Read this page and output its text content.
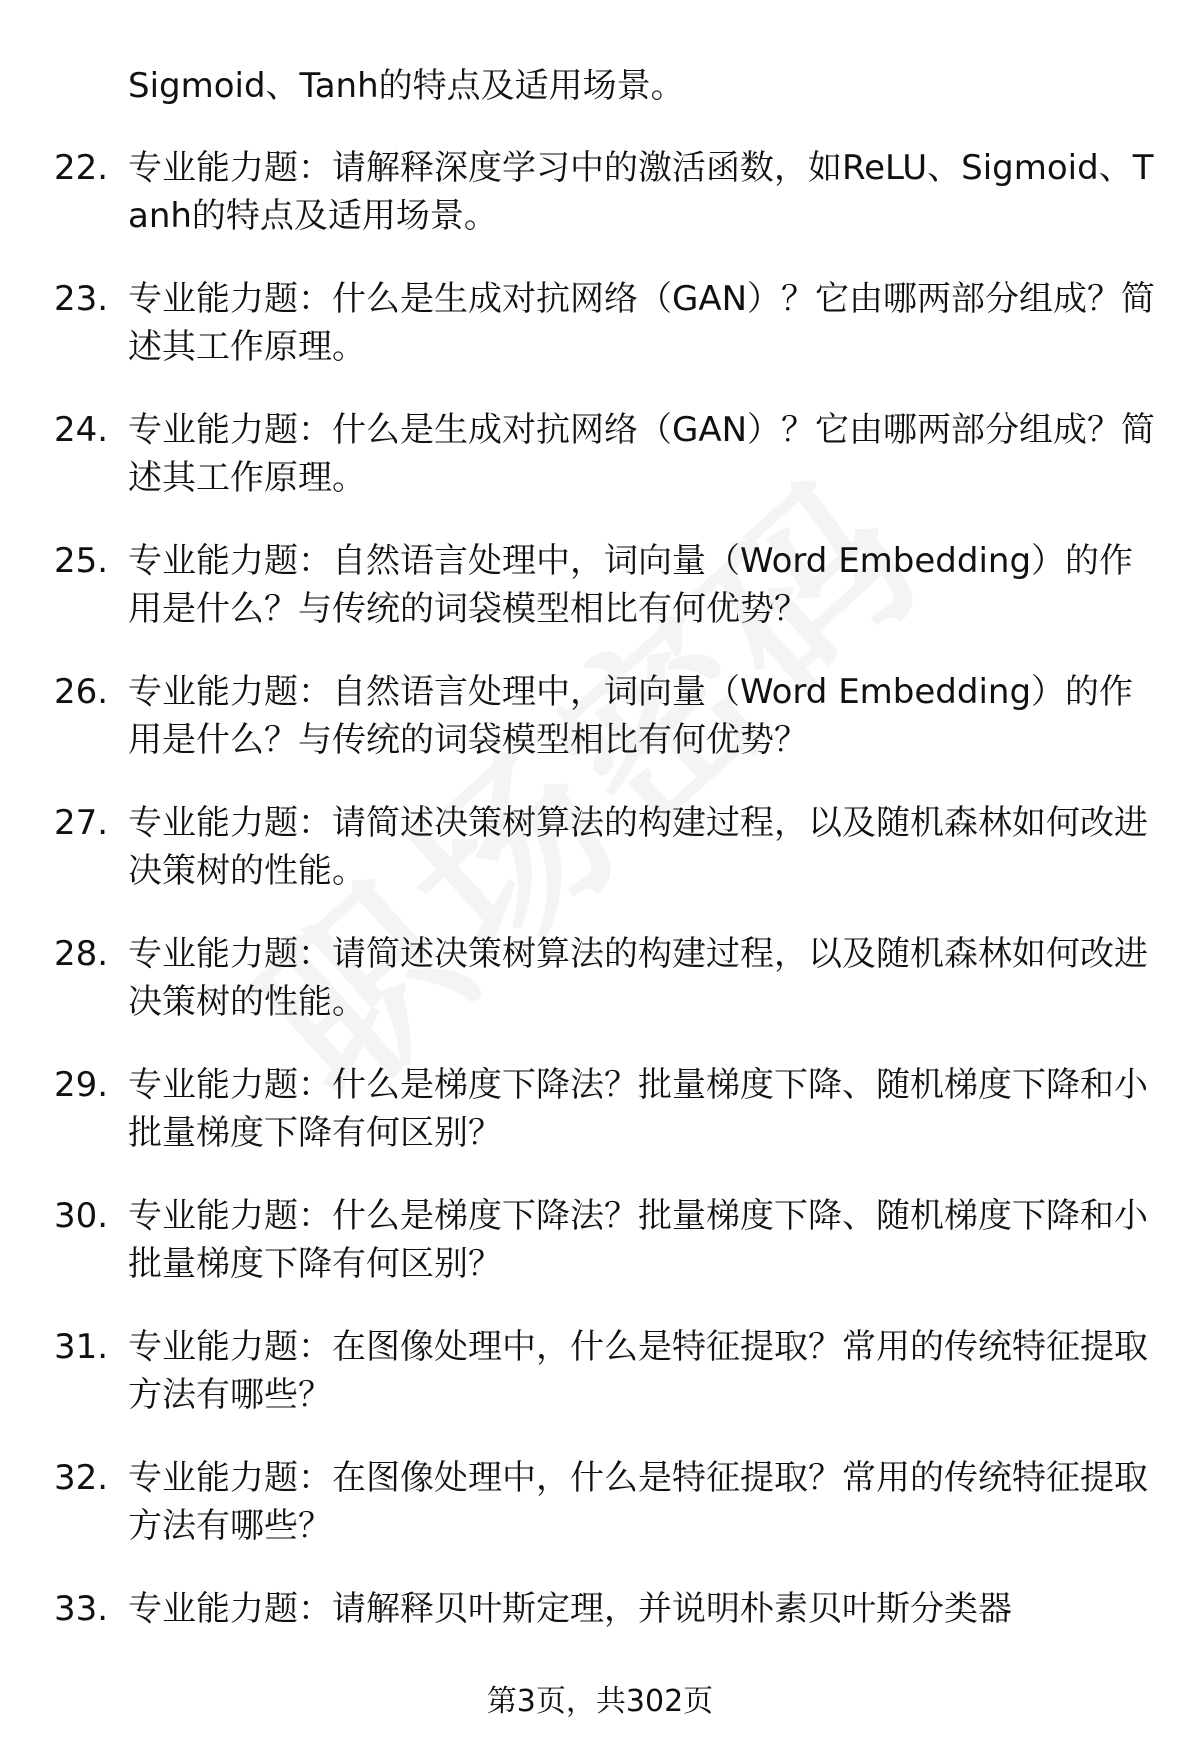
Sigmoid、Tanh的特点及适用场景。
22. 专业能力题：请解释深度学习中的激活函数，如ReLU、Sigmoid、Tanh的特点及适用场景。
23. 专业能力题：什么是生成对抗网络（GAN）？它由哪两部分组成？简述其工作原理。
24. 专业能力题：什么是生成对抗网络（GAN）？它由哪两部分组成？简述其工作原理。
25. 专业能力题：自然语言处理中，词向量（Word Embedding）的作用是什么？与传统的词袋模型相比有何优势？
26. 专业能力题：自然语言处理中，词向量（Word Embedding）的作用是什么？与传统的词袋模型相比有何优势？
27. 专业能力题：请简述决策树算法的构建过程，以及随机森林如何改进决策树的性能。
28. 专业能力题：请简述决策树算法的构建过程，以及随机森林如何改进决策树的性能。
29. 专业能力题：什么是梯度下降法？批量梯度下降、随机梯度下降和小批量梯度下降有何区别？
30. 专业能力题：什么是梯度下降法？批量梯度下降、随机梯度下降和小批量梯度下降有何区别？
31. 专业能力题：在图像处理中，什么是特征提取？常用的传统特征提取方法有哪些？
32. 专业能力题：在图像处理中，什么是特征提取？常用的传统特征提取方法有哪些？
33. 专业能力题：请解释贝叶斯定理，并说明朴素贝叶斯分类器
第3页，共302页
